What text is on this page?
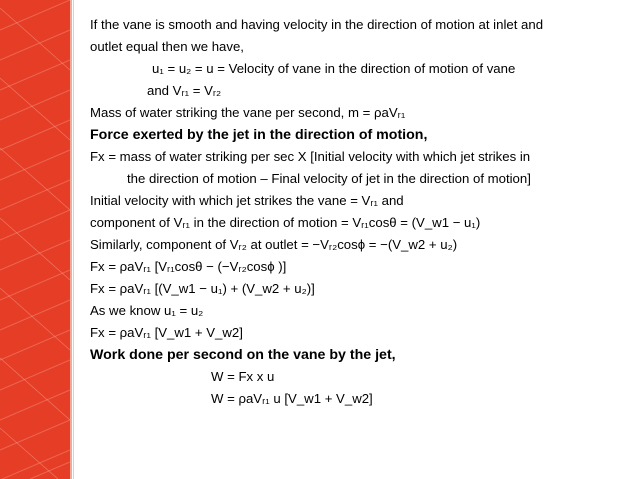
If the vane is smooth and having velocity in the direction of motion at inlet and

outlet equal then we have,

u₁ = u₂ = u = Velocity of vane in the direction of motion of vane

and Vᵣ₁ = Vᵣ₂

Mass of water striking the vane per second, m = ρaVᵣ₁

Force exerted by the jet in the direction of motion,

Fx = mass of water striking per sec X [Initial velocity with which jet strikes in

the direction of motion – Final velocity of jet in the direction of motion]

Initial velocity with which jet strikes the vane = Vᵣ₁ and

component of Vᵣ₁ in the direction of motion = Vᵣ₁cosθ = (V_w1 − u₁)

Similarly, component of Vᵣ₂ at outlet = −Vᵣ₂cosϕ = −(V_w2 + u₂)

Fx = ρaVᵣ₁ [Vᵣ₁cosθ − (−Vᵣ₂cosϕ )]

Fx = ρaVᵣ₁ [(V_w1 − u₁) + (V_w2 + u₂)]

As we know u₁ = u₂

Fx = ρaVᵣ₁ [V_w1 + V_w2]

Work done per second on the vane by the jet,

W = Fx x u

W = ρaVᵣ₁ u [V_w1 + V_w2]
